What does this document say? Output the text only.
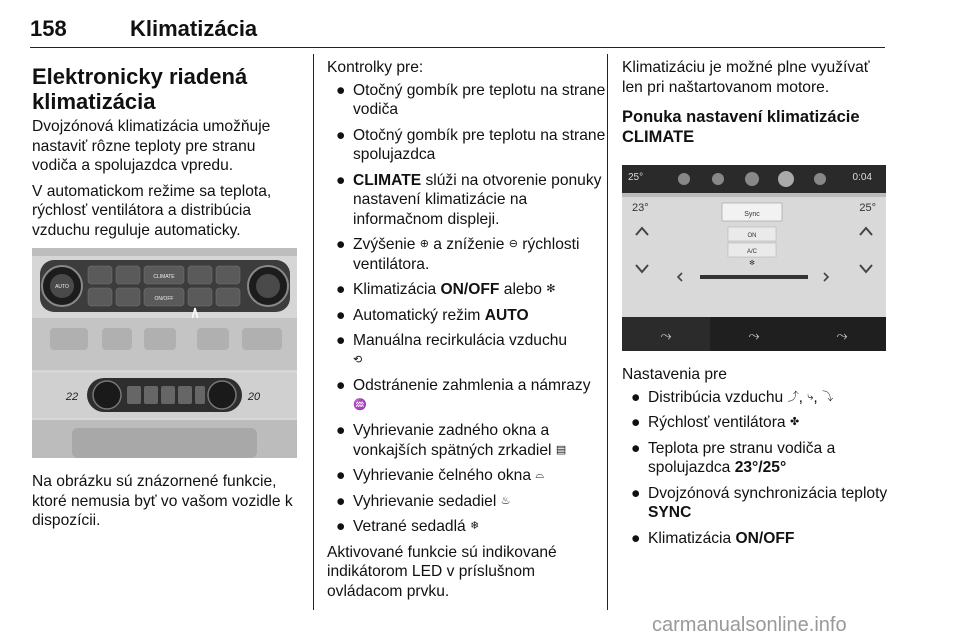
158	Klimatizácia
Elektronicky riadená
klimatizácia

Dvojzónová klimatizácia umožňuje nastaviť rôzne teploty pre stranu vodiča a spolujazdca vpredu.

V automatickom režime sa teplota, rýchlosť ventilátora a distribúcia vzduchu reguluje automaticky.

CLIMATE
ON/OFF
AUTO
22	20

Na obrázku sú znázornené funkcie, ktoré nemusia byť vo vašom vozidle k dispozícii.

Kontrolky pre:

● Otočný gombík pre teplotu na strane vodiča
● Otočný gombík pre teplotu na strane spolujazdca
● CLIMATE slúži na otvorenie ponuky nastavení klimatizácie na informačnom displeji.
● Zvýšenie ⊕ a zníženie ⊖ rýchlosti ventilátora.
● Klimatizácia ON/OFF alebo ✻
● Automatický režim AUTO
● Manuálna recirkulácia vzduchu
⟲
● Odstránenie zahmlenia a námrazy ♒
● Vyhrievanie zadného okna a vonkajších spätných zrkadiel ▤
● Vyhrievanie čelného okna ⌓
● Vyhrievanie sedadiel ♨
● Vetrané sedadlá ❄

Aktivované funkcie sú indikované indikátorom LED v príslušnom ovládacom prvku.

Klimatizáciu je možné plne využívať len pri naštartovanom motore.

Ponuka nastavení klimatizácie
CLIMATE
25°	0:04
23°	25°
Sync
ON
A/C
✻
⤳	⤳	⤳

Nastavenia pre

● Distribúcia vzduchu ⤴, ⤷, ⤵
● Rýchlosť ventilátora ✤
● Teplota pre stranu vodiča a spolujazdca 23°/25°
● Dvojzónová synchronizácia teploty SYNC
● Klimatizácia ON/OFF
carmanualsonline.info
